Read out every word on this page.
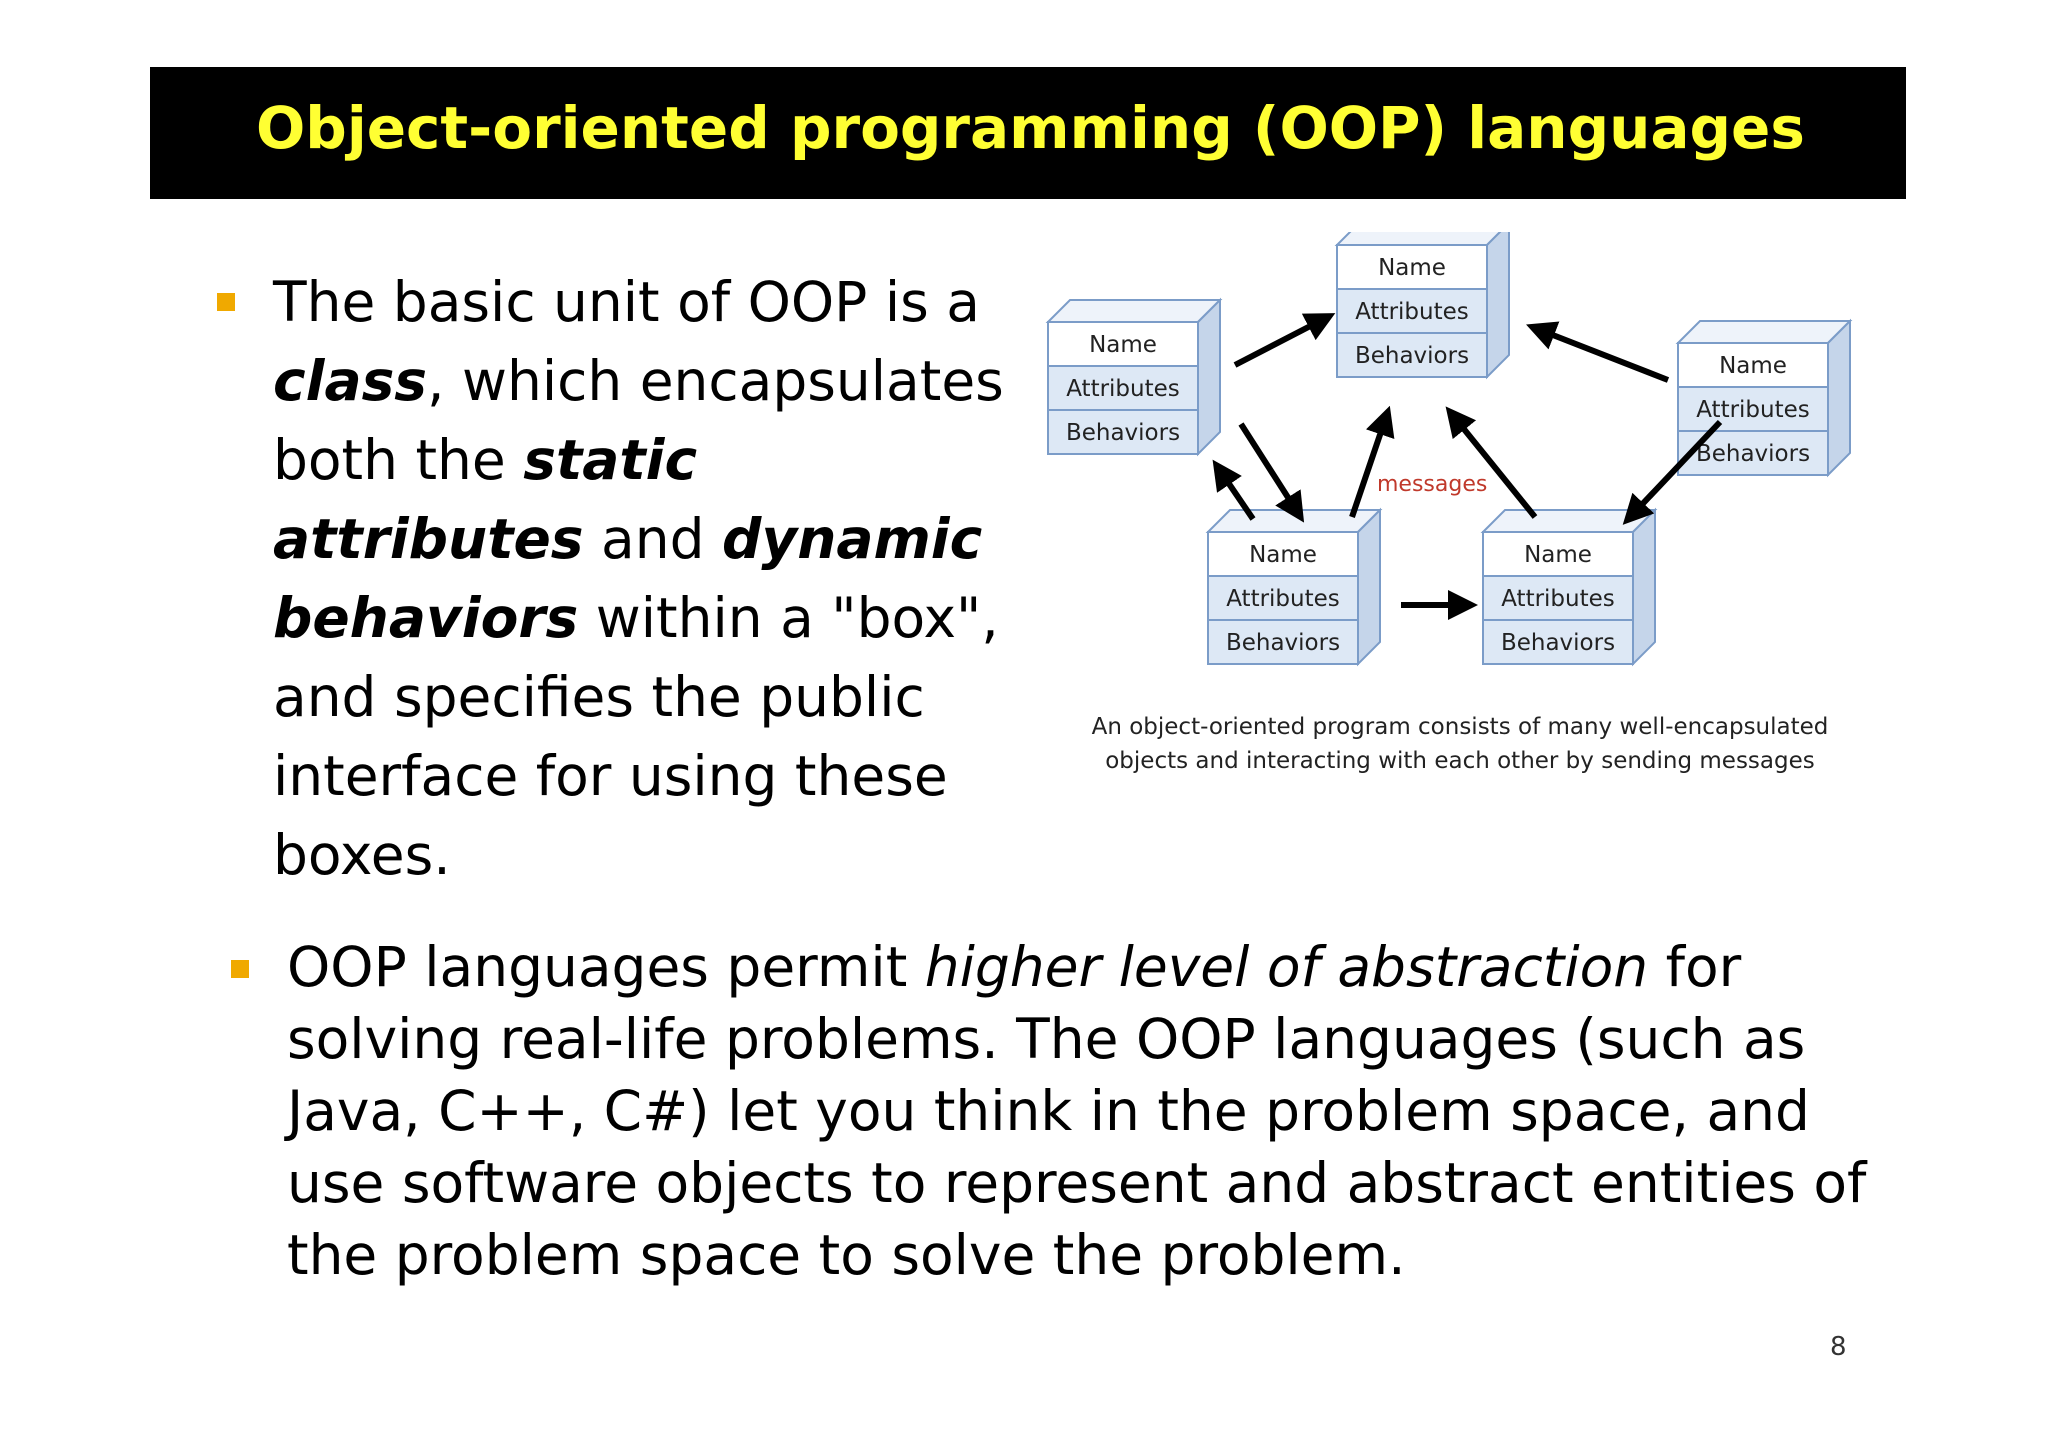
Object-oriented programming (OOP) languages
The basic unit of OOP is a class, which encapsulates both the static attributes and dynamic behaviors within a "box", and specifies the public interface for using these boxes.
Name
Attributes
Behaviors
Name
Attributes
Behaviors	Name
Attributes
Behaviors
Name
Attributes
Behaviors
Name
Attributes
Behaviors
messages
An object-oriented program consists of many well-encapsulated
objects and interacting with each other by sending messages
OOP languages permit higher level of abstraction for solving real-life problems. The OOP languages (such as Java, C++, C#) let you think in the problem space, and use software objects to represent and abstract entities of the problem space to solve the problem.
8
